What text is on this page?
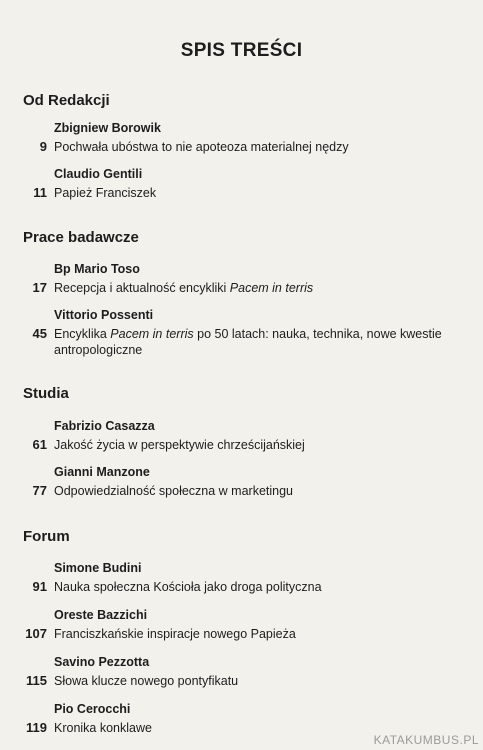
SPIS TREŚCI
Od Redakcji
Zbigniew Borowik
9 Pochwała ubóstwa to nie apoteoza materialnej nędzy
Claudio Gentili
11 Papież Franciszek
Prace badawcze
Bp Mario Toso
17 Recepcja i aktualność encykliki Pacem in terris
Vittorio Possenti
45 Encyklika Pacem in terris po 50 latach: nauka, technika, nowe kwestie antropologiczne
Studia
Fabrizio Casazza
61 Jakość życia w perspektywie chrześcijańskiej
Gianni Manzone
77 Odpowiedzialność społeczna w marketingu
Forum
Simone Budini
91 Nauka społeczna Kościoła jako droga polityczna
Oreste Bazzichi
107 Franciszkańskie inspiracje nowego Papieża
Savino Pezzotta
115 Słowa klucze nowego pontyfikatu
Pio Cerocchi
119 Kronika konklawe
KATAKUMBUS.PL
